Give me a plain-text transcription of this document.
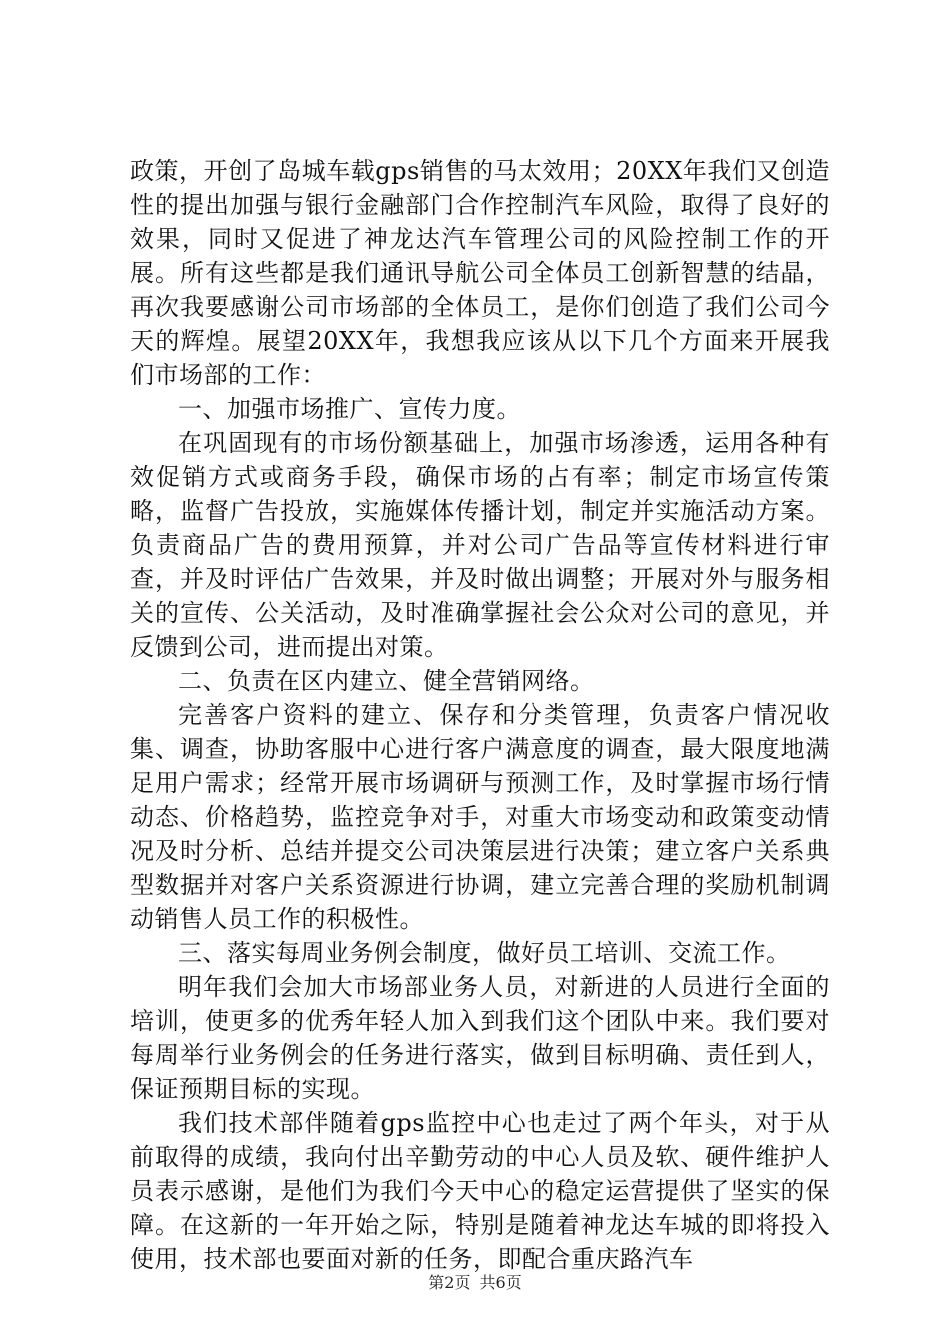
政策，开创了岛城车载gps销售的马太效用；20XX年我们又创造性的提出加强与银行金融部门合作控制汽车风险，取得了良好的效果，同时又促进了神龙达汽车管理公司的风险控制工作的开展。所有这些都是我们通讯导航公司全体员工创新智慧的结晶，再次我要感谢公司市场部的全体员工，是你们创造了我们公司今天的辉煌。展望20XX年，我想我应该从以下几个方面来开展我们市场部的工作：

一、加强市场推广、宣传力度。

在巩固现有的市场份额基础上，加强市场渗透，运用各种有效促销方式或商务手段，确保市场的占有率；制定市场宣传策略，监督广告投放，实施媒体传播计划，制定并实施活动方案。负责商品广告的费用预算，并对公司广告品等宣传材料进行审查，并及时评估广告效果，并及时做出调整；开展对外与服务相关的宣传、公关活动，及时准确掌握社会公众对公司的意见，并反馈到公司，进而提出对策。

二、负责在区内建立、健全营销网络。

完善客户资料的建立、保存和分类管理，负责客户情况收集、调查，协助客服中心进行客户满意度的调查，最大限度地满足用户需求；经常开展市场调研与预测工作，及时掌握市场行情动态、价格趋势，监控竞争对手，对重大市场变动和政策变动情况及时分析、总结并提交公司决策层进行决策；建立客户关系典型数据并对客户关系资源进行协调，建立完善合理的奖励机制调动销售人员工作的积极性。

三、落实每周业务例会制度，做好员工培训、交流工作。

明年我们会加大市场部业务人员，对新进的人员进行全面的培训，使更多的优秀年轻人加入到我们这个团队中来。我们要对每周举行业务例会的任务进行落实，做到目标明确、责任到人，保证预期目标的实现。

我们技术部伴随着gps监控中心也走过了两个年头，对于从前取得的成绩，我向付出辛勤劳动的中心人员及软、硬件维护人员表示感谢，是他们为我们今天中心的稳定运营提供了坚实的保障。在这新的一年开始之际，特别是随着神龙达车城的即将投入使用，技术部也要面对新的任务，即配合重庆路汽车

第2页 共6页
